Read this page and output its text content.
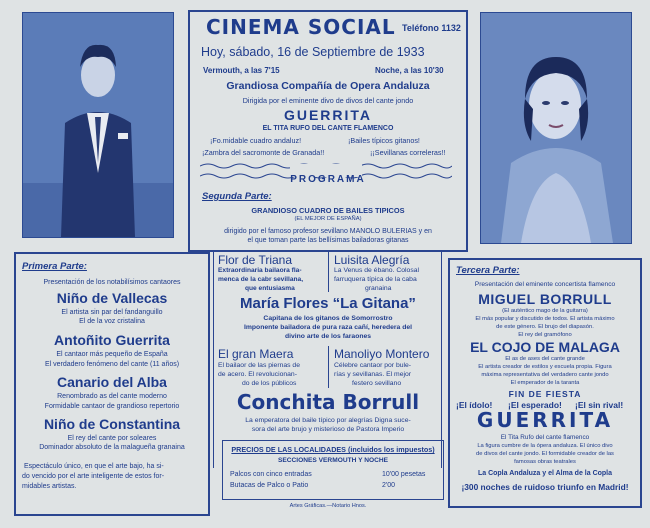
CINEMA SOCIAL Teléfono 1132
Hoy, sábado, 16 de Septiembre de 1933
Vermouth, a las 7'15	Noche, a las 10'30
Grandiosa Compañía de Opera Andaluza
Dirigida por el eminente divo de divos del cante jondo
GUERRITA
EL TITA RUFO DEL CANTE FLAMENCO
¡Fo.midable cuadro andaluz!	¡Bailes típicos gitanos!
¡Zambra del sacromonte de Granada!!	¡¡Sevillanas correleras!!
PROGRAMA
Segunda Parte:
GRANDIOSO CUADRO DE BAILES TIPICOS
(EL MEJOR DE ESPAÑA)
dirigido por el famoso profesor sevillano MANOLO BULERIAS y en
el que toman parte las bellísimas bailadoras gitanas
Primera Parte:
Presentación de los notabilísimos cantaores
Niño de Vallecas
El artista sin par del fandanguillo
El de la voz cristalina
Antoñito Guerrita
El cantaor más pequeño de España
El verdadero fenómeno del cante (11 años)
Canario del Alba
Renombrado as del cante moderno
Formidable cantaor de grandioso repertorio
Niño de Constantina
El rey del cante por soleares
Dominador absoluto de la malagueña granaina
Espectáculo único, en que el arte bajo, ha si-
do vencido por el arte inteligente de estos for-
midables artistas.
Flor de Triana
Extraordinaria bailaora fla-
menca de la cabr sevillana,
que entusiasma
Luisita Alegría
La Venus de ébano. Colosal
farruquera típica de la caba
granaina
María Flores “La Gitana”
Capitana de los gitanos de Somorrostro
Imponente bailadora de pura raza cañí, heredera del
divino arte de los faraones
El gran Maera
El bailaor de las piernas de
de acero. El revolucionan-
do de los públicos
Manoliyo Montero
Célebre cantaor por bule-
rías y sevillanas. El mejor
festero sevillano
Conchita Borrull
La emperatora del baile típico por alegrías Digna suce-
sora del arte brujo y misterioso de Pastora Imperio
PRECIOS DE LAS LOCALIDADES (incluidos los impuestos)
SECCIONES VERMOUTH Y NOCHE
Palcos con cinco entradas	10'00 pesetas
Butacas de Palco o Patio	2'00
Artes Gráficas.—Notario Hnos.
Tercera Parte:
Presentación del eminente concertista flamenco
MIGUEL BORRULL
(El auténtico mago de la guitarra)
El más popular y discutido de todos. El artista máximo
de este género. El brujo del diapasón.
El rey del gramófono
EL COJO DE MALAGA
El as de ases del cante grande
El artista creador de estilos y escuela propia. Figura
máxima representativa del verdadero cante jondo
El emperador de la taranta
FIN DE FIESTA
¡El ídolo! ¡El esperado! ¡El sin rival!
GUERRITA
El Tita Rufo del cante flamenco
La figura cumbre de la ópera andaluza. El único divo
de divos del cante jondo. El formidable creador de las
famosas obras teatrales
La Copla Andaluza y el Alma de la Copla
¡300 noches de ruidoso triunfo en Madrid!
